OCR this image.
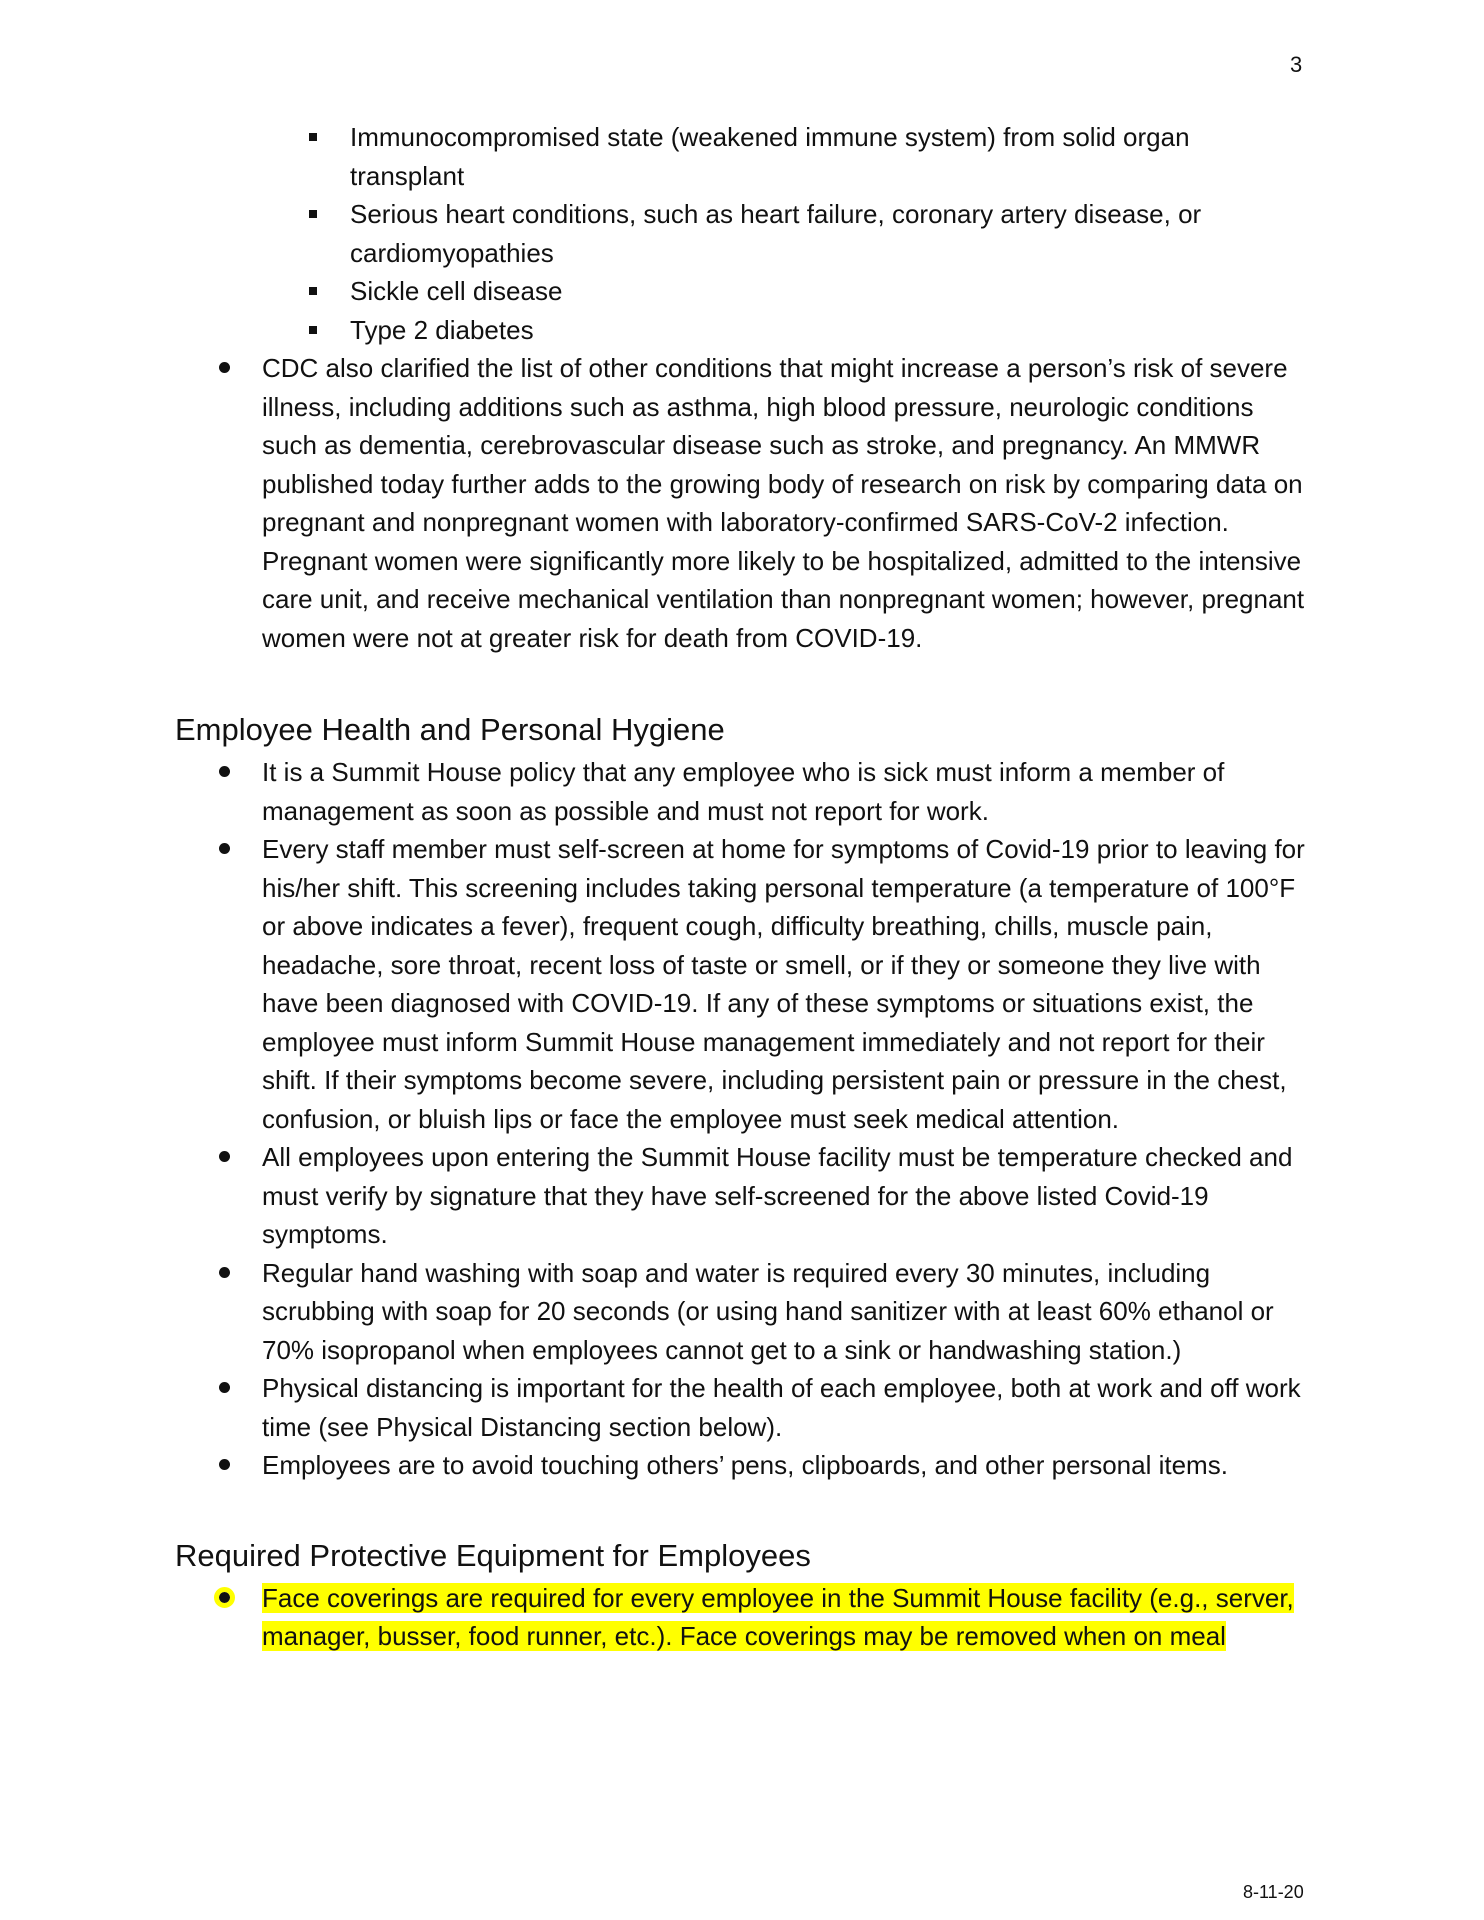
3
Immunocompromised state (weakened immune system) from solid organ transplant
Serious heart conditions, such as heart failure, coronary artery disease, or cardiomyopathies
Sickle cell disease
Type 2 diabetes
CDC also clarified the list of other conditions that might increase a person’s risk of severe illness, including additions such as asthma, high blood pressure, neurologic conditions such as dementia, cerebrovascular disease such as stroke, and pregnancy. An MMWR published today further adds to the growing body of research on risk by comparing data on pregnant and nonpregnant women with laboratory-confirmed SARS-CoV-2 infection. Pregnant women were significantly more likely to be hospitalized, admitted to the intensive care unit, and receive mechanical ventilation than nonpregnant women; however, pregnant women were not at greater risk for death from COVID-19.
Employee Health and Personal Hygiene
It is a Summit House policy that any employee who is sick must inform a member of management as soon as possible and must not report for work.
Every staff member must self-screen at home for symptoms of Covid-19 prior to leaving for his/her shift. This screening includes taking personal temperature (a temperature of 100°F or above indicates a fever), frequent cough, difficulty breathing, chills, muscle pain, headache, sore throat, recent loss of taste or smell, or if they or someone they live with have been diagnosed with COVID-19. If any of these symptoms or situations exist, the employee must inform Summit House management immediately and not report for their shift. If their symptoms become severe, including persistent pain or pressure in the chest, confusion, or bluish lips or face the employee must seek medical attention.
All employees upon entering the Summit House facility must be temperature checked and must verify by signature that they have self-screened for the above listed Covid-19 symptoms.
Regular hand washing with soap and water is required every 30 minutes, including scrubbing with soap for 20 seconds (or using hand sanitizer with at least 60% ethanol or 70% isopropanol when employees cannot get to a sink or handwashing station.)
Physical distancing is important for the health of each employee, both at work and off work time (see Physical Distancing section below).
Employees are to avoid touching others’ pens, clipboards, and other personal items.
Required Protective Equipment for Employees
Face coverings are required for every employee in the Summit House facility (e.g., server, manager, busser, food runner, etc.). Face coverings may be removed when on meal
8-11-20
